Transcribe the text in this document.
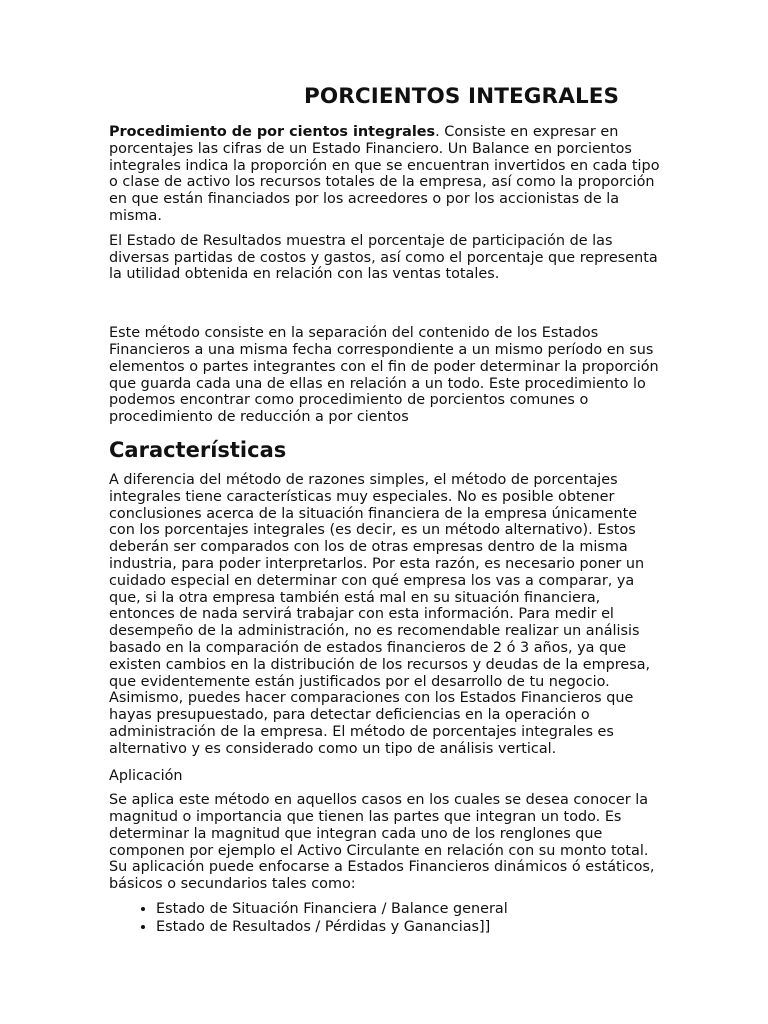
PORCIENTOS INTEGRALES

Procedimiento de por cientos integrales. Consiste en expresar en porcentajes las cifras de un Estado Financiero. Un Balance en porcientos integrales indica la proporción en que se encuentran invertidos en cada tipo o clase de activo los recursos totales de la empresa, así como la proporción en que están financiados por los acreedores o por los accionistas de la misma.

El Estado de Resultados muestra el porcentaje de participación de las diversas partidas de costos y gastos, así como el porcentaje que representa la utilidad obtenida en relación con las ventas totales.

Este método consiste en la separación del contenido de los Estados Financieros a una misma fecha correspondiente a un mismo período en sus elementos o partes integrantes con el fin de poder determinar la proporción que guarda cada una de ellas en relación a un todo. Este procedimiento lo podemos encontrar como procedimiento de porcientos comunes o procedimiento de reducción a por cientos

Características

A diferencia del método de razones simples, el método de porcentajes integrales tiene características muy especiales. No es posible obtener conclusiones acerca de la situación financiera de la empresa únicamente con los porcentajes integrales (es decir, es un método alternativo). Estos deberán ser comparados con los de otras empresas dentro de la misma industria, para poder interpretarlos. Por esta razón, es necesario poner un cuidado especial en determinar con qué empresa los vas a comparar, ya que, si la otra empresa también está mal en su situación financiera, entonces de nada servirá trabajar con esta información. Para medir el desempeño de la administración, no es recomendable realizar un análisis basado en la comparación de estados financieros de 2 ó 3 años, ya que existen cambios en la distribución de los recursos y deudas de la empresa, que evidentemente están justificados por el desarrollo de tu negocio. Asimismo, puedes hacer comparaciones con los Estados Financieros que hayas presupuestado, para detectar deficiencias en la operación o administración de la empresa. El método de porcentajes integrales es alternativo y es considerado como un tipo de análisis vertical.

Aplicación

Se aplica este método en aquellos casos en los cuales se desea conocer la magnitud o importancia que tienen las partes que integran un todo. Es determinar la magnitud que integran cada uno de los renglones que componen por ejemplo el Activo Circulante en relación con su monto total. Su aplicación puede enfocarse a Estados Financieros dinámicos ó estáticos, básicos o secundarios tales como:

• Estado de Situación Financiera / Balance general
• Estado de Resultados / Pérdidas y Ganancias]]
